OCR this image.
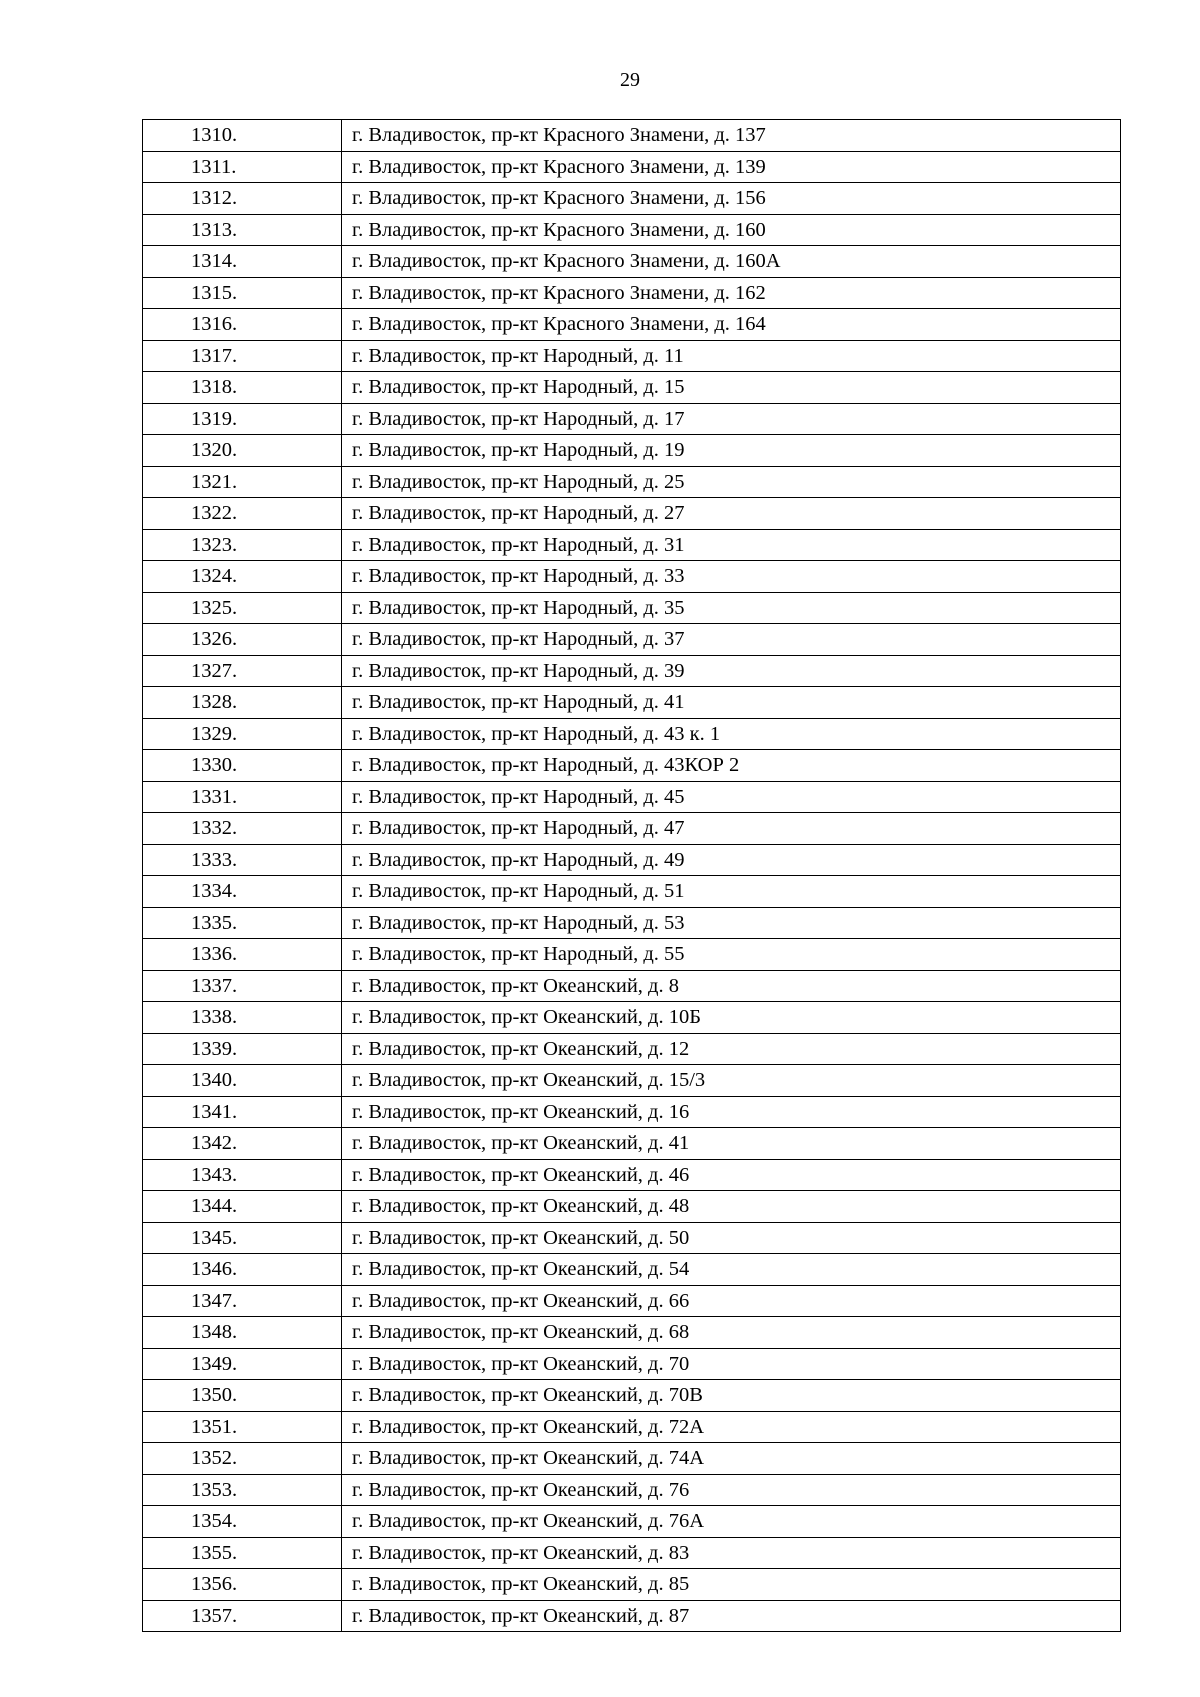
29
1310.	г. Владивосток, пр-кт Красного Знамени, д. 137
1311.	г. Владивосток, пр-кт Красного Знамени, д. 139
1312.	г. Владивосток, пр-кт Красного Знамени, д. 156
1313.	г. Владивосток, пр-кт Красного Знамени, д. 160
1314.	г. Владивосток, пр-кт Красного Знамени, д. 160А
1315.	г. Владивосток, пр-кт Красного Знамени, д. 162
1316.	г. Владивосток, пр-кт Красного Знамени, д. 164
1317.	г. Владивосток, пр-кт Народный, д. 11
1318.	г. Владивосток, пр-кт Народный, д. 15
1319.	г. Владивосток, пр-кт Народный, д. 17
1320.	г. Владивосток, пр-кт Народный, д. 19
1321.	г. Владивосток, пр-кт Народный, д. 25
1322.	г. Владивосток, пр-кт Народный, д. 27
1323.	г. Владивосток, пр-кт Народный, д. 31
1324.	г. Владивосток, пр-кт Народный, д. 33
1325.	г. Владивосток, пр-кт Народный, д. 35
1326.	г. Владивосток, пр-кт Народный, д. 37
1327.	г. Владивосток, пр-кт Народный, д. 39
1328.	г. Владивосток, пр-кт Народный, д. 41
1329.	г. Владивосток, пр-кт Народный, д. 43 к. 1
1330.	г. Владивосток, пр-кт Народный, д. 43КОР 2
1331.	г. Владивосток, пр-кт Народный, д. 45
1332.	г. Владивосток, пр-кт Народный, д. 47
1333.	г. Владивосток, пр-кт Народный, д. 49
1334.	г. Владивосток, пр-кт Народный, д. 51
1335.	г. Владивосток, пр-кт Народный, д. 53
1336.	г. Владивосток, пр-кт Народный, д. 55
1337.	г. Владивосток, пр-кт Океанский, д. 8
1338.	г. Владивосток, пр-кт Океанский, д. 10Б
1339.	г. Владивосток, пр-кт Океанский, д. 12
1340.	г. Владивосток, пр-кт Океанский, д. 15/3
1341.	г. Владивосток, пр-кт Океанский, д. 16
1342.	г. Владивосток, пр-кт Океанский, д. 41
1343.	г. Владивосток, пр-кт Океанский, д. 46
1344.	г. Владивосток, пр-кт Океанский, д. 48
1345.	г. Владивосток, пр-кт Океанский, д. 50
1346.	г. Владивосток, пр-кт Океанский, д. 54
1347.	г. Владивосток, пр-кт Океанский, д. 66
1348.	г. Владивосток, пр-кт Океанский, д. 68
1349.	г. Владивосток, пр-кт Океанский, д. 70
1350.	г. Владивосток, пр-кт Океанский, д. 70В
1351.	г. Владивосток, пр-кт Океанский, д. 72А
1352.	г. Владивосток, пр-кт Океанский, д. 74А
1353.	г. Владивосток, пр-кт Океанский, д. 76
1354.	г. Владивосток, пр-кт Океанский, д. 76А
1355.	г. Владивосток, пр-кт Океанский, д. 83
1356.	г. Владивосток, пр-кт Океанский, д. 85
1357.	г. Владивосток, пр-кт Океанский, д. 87
